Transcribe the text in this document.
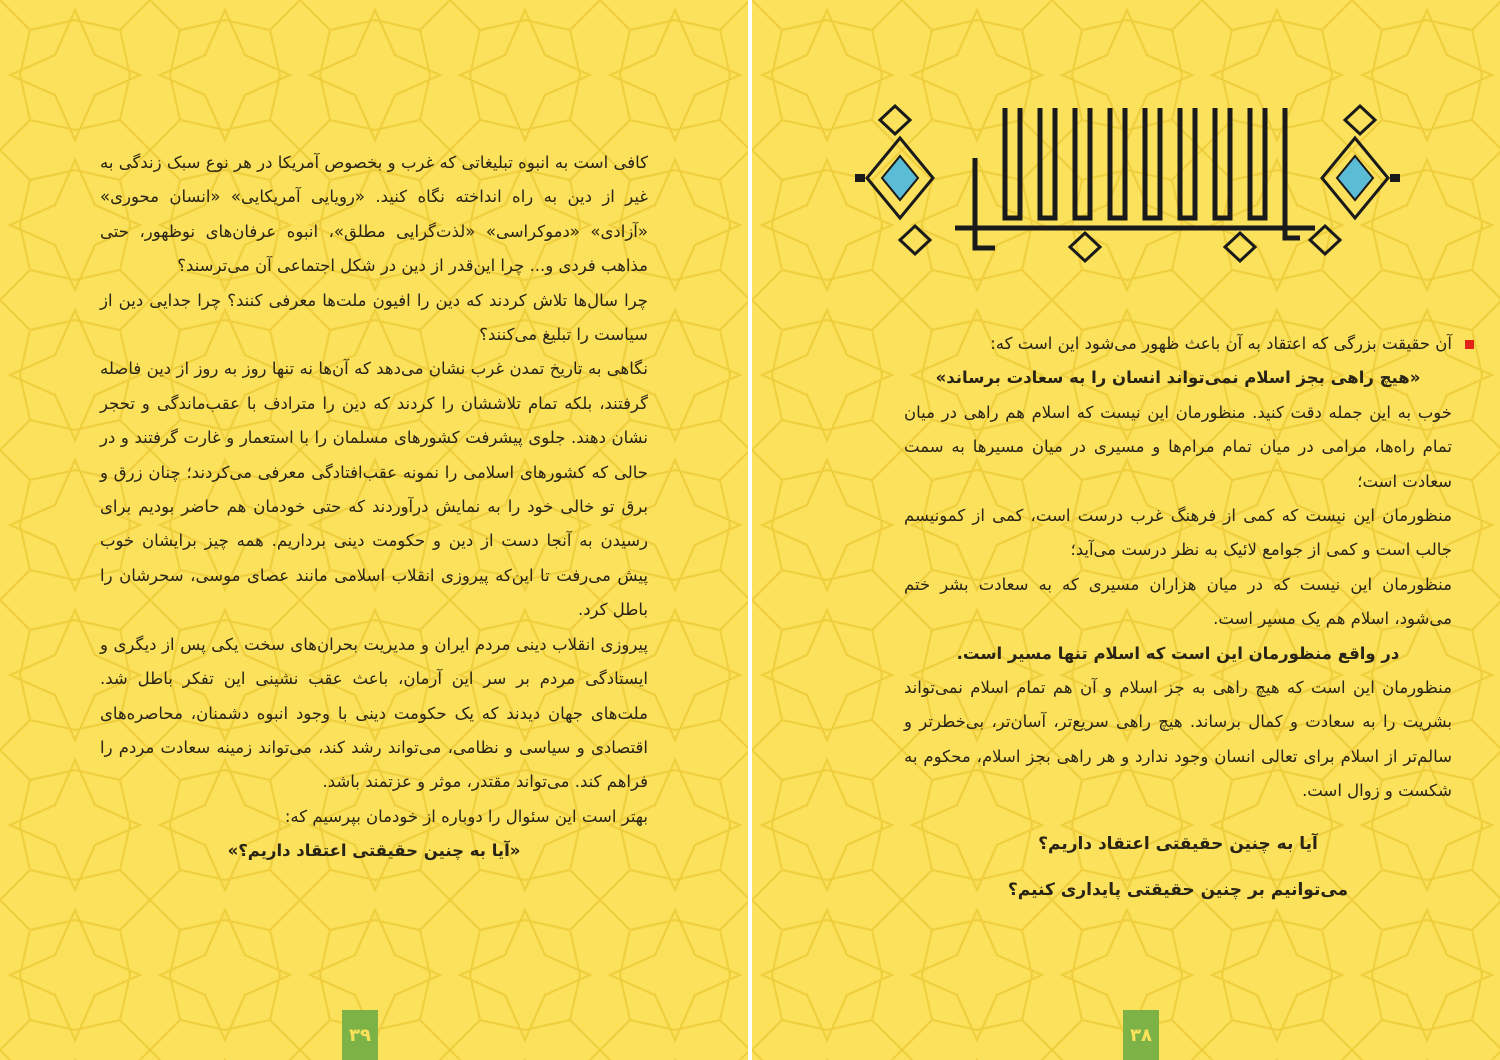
کافی است به انبوه تبلیغاتی که غرب و بخصوص آمریکا در هر نوع سبک زندگی به غیر از دین به راه انداخته نگاه کنید. «رویایی آمریکایی» «انسان محوری» «آزادی» «دموکراسی» «لذت‌گرایی مطلق»، انبوه عرفان‌های نوظهور، حتی مذاهب فردی و... چرا این‌قدر از دین در شکل اجتماعی آن می‌ترسند؟

چرا سال‌ها تلاش کردند که دین را افیون ملت‌ها معرفی کنند؟ چرا جدایی دین از سیاست را تبلیغ می‌کنند؟

نگاهی به تاریخ تمدن غرب نشان می‌دهد که آن‌ها نه تنها روز به روز از دین فاصله گرفتند، بلکه تمام تلاششان را کردند که دین را مترادف با عقب‌ماندگی و تحجر نشان دهند. جلوی پیشرفت کشورهای مسلمان را با استعمار و غارت گرفتند و در حالی که کشورهای اسلامی را نمونه عقب‌افتادگی معرفی می‌کردند؛ چنان زرق و برق تو خالی خود را به نمایش درآوردند که حتی خودمان هم حاضر بودیم برای رسیدن به آنجا دست از دین و حکومت دینی برداریم. همه چیز برایشان خوب پیش می‌رفت تا این‌که پیروزی انقلاب اسلامی مانند عصای موسی، سحرشان را باطل کرد.

پیروزی انقلاب دینی مردم ایران و مدیریت بحران‌های سخت یکی پس از دیگری و ایستادگی مردم بر سر این آرمان، باعث عقب نشینی این تفکر باطل شد. ملت‌های جهان دیدند که یک حکومت دینی با وجود انبوه دشمنان، محاصره‌های اقتصادی و سیاسی و نظامی، می‌تواند رشد کند، می‌تواند زمینه سعادت مردم را فراهم کند. می‌تواند مقتدر، موثر و عزتمند باشد.

بهتر است این سئوال را دوباره از خودمان بپرسیم که:

«آیا به چنین حقیقتی اعتقاد داریم؟»

۳۹

آن حقیقت بزرگی که اعتقاد به آن باعث ظهور می‌شود این است که:

«هیچ راهی بجز اسلام نمی‌تواند انسان را به سعادت برساند»

خوب به این جمله دقت کنید. منظورمان این نیست که اسلام هم راهی در میان تمام راه‌ها، مرامی در میان تمام مرام‌ها و مسیری در میان مسیرها به سمت سعادت است؛

منظورمان این نیست که کمی از فرهنگ غرب درست است، کمی از کمونیسم جالب است و کمی از جوامع لائیک به نظر درست می‌آید؛

منظورمان این نیست که در میان هزاران مسیری که به سعادت بشر ختم می‌شود، اسلام هم یک مسیر است.

در واقع منظورمان این است که اسلام تنها مسیر است.

منظورمان این است که هیچ راهی به جز اسلام و آن هم تمام اسلام نمی‌تواند بشریت را به سعادت و کمال برساند. هیچ راهی سریع‌تر، آسان‌تر، بی‌خطرتر و سالم‌تر از اسلام برای تعالی انسان وجود ندارد و هر راهی بجز اسلام، محکوم به شکست و زوال است.

آیا به چنین حقیقتی اعتقاد داریم؟

می‌توانیم بر چنین حقیقتی پایداری کنیم؟

۳۸
